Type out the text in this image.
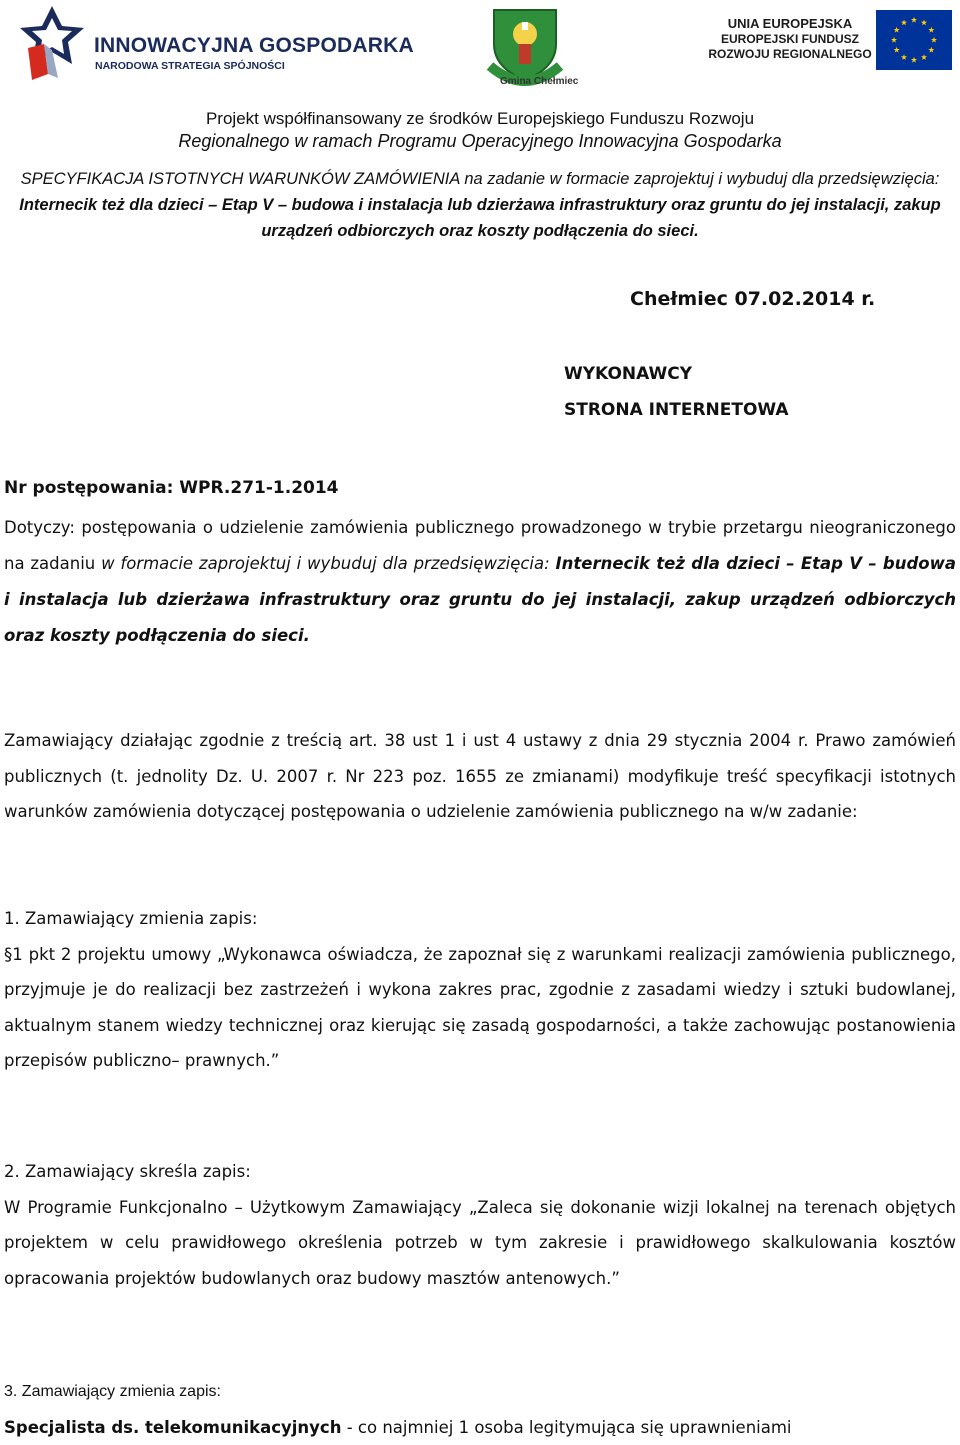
INNOWACYJNA GOSPODARKA
NARODOWA STRATEGIA SPÓJNOŚCI
Gmina Chełmiec
UNIA EUROPEJSKA
EUROPEJSKI FUNDUSZ
ROZWOJU REGIONALNEGO
Projekt współfinansowany ze środków Europejskiego Funduszu Rozwoju
Regionalnego w ramach Programu Operacyjnego Innowacyjna Gospodarka
SPECYFIKACJA ISTOTNYCH WARUNKÓW ZAMÓWIENIA na zadanie w formacie zaprojektuj i wybuduj dla przedsięwzięcia: Internecik też dla dzieci – Etap V – budowa i instalacja lub dzierżawa infrastruktury oraz gruntu do jej instalacji, zakup urządzeń odbiorczych oraz koszty podłączenia do sieci.
Chełmiec 07.02.2014 r.
WYKONAWCY
STRONA INTERNETOWA
Nr postępowania: WPR.271-1.2014
Dotyczy: postępowania o udzielenie zamówienia publicznego prowadzonego w trybie przetargu nieograniczonego na zadaniu w formacie zaprojektuj i wybuduj dla przedsięwzięcia: Internecik też dla dzieci – Etap V – budowa i instalacja lub dzierżawa infrastruktury oraz gruntu do jej instalacji, zakup urządzeń odbiorczych oraz koszty podłączenia do sieci.
Zamawiający działając zgodnie z treścią art. 38 ust 1 i ust 4 ustawy z dnia 29 stycznia 2004 r. Prawo zamówień publicznych (t. jednolity Dz. U. 2007 r. Nr 223 poz. 1655 ze zmianami) modyfikuje treść specyfikacji istotnych warunków zamówienia dotyczącej postępowania o udzielenie zamówienia publicznego na w/w zadanie:
1. Zamawiający zmienia zapis:
§1 pkt 2 projektu umowy „Wykonawca oświadcza, że zapoznał się z warunkami realizacji zamówienia publicznego, przyjmuje je do realizacji bez zastrzeżeń i wykona zakres prac, zgodnie z zasadami wiedzy i sztuki budowlanej, aktualnym stanem wiedzy technicznej oraz kierując się zasadą gospodarności, a także zachowując postanowienia przepisów publiczno– prawnych.”
2. Zamawiający skreśla zapis:
W Programie Funkcjonalno – Użytkowym Zamawiający „Zaleca się dokonanie wizji lokalnej na terenach objętych projektem w celu prawidłowego określenia potrzeb w tym zakresie i prawidłowego skalkulowania kosztów opracowania projektów budowlanych oraz budowy masztów antenowych.”
3. Zamawiający zmienia zapis:
Specjalista ds. telekomunikacyjnych - co najmniej 1 osoba legitymująca się uprawnieniami
